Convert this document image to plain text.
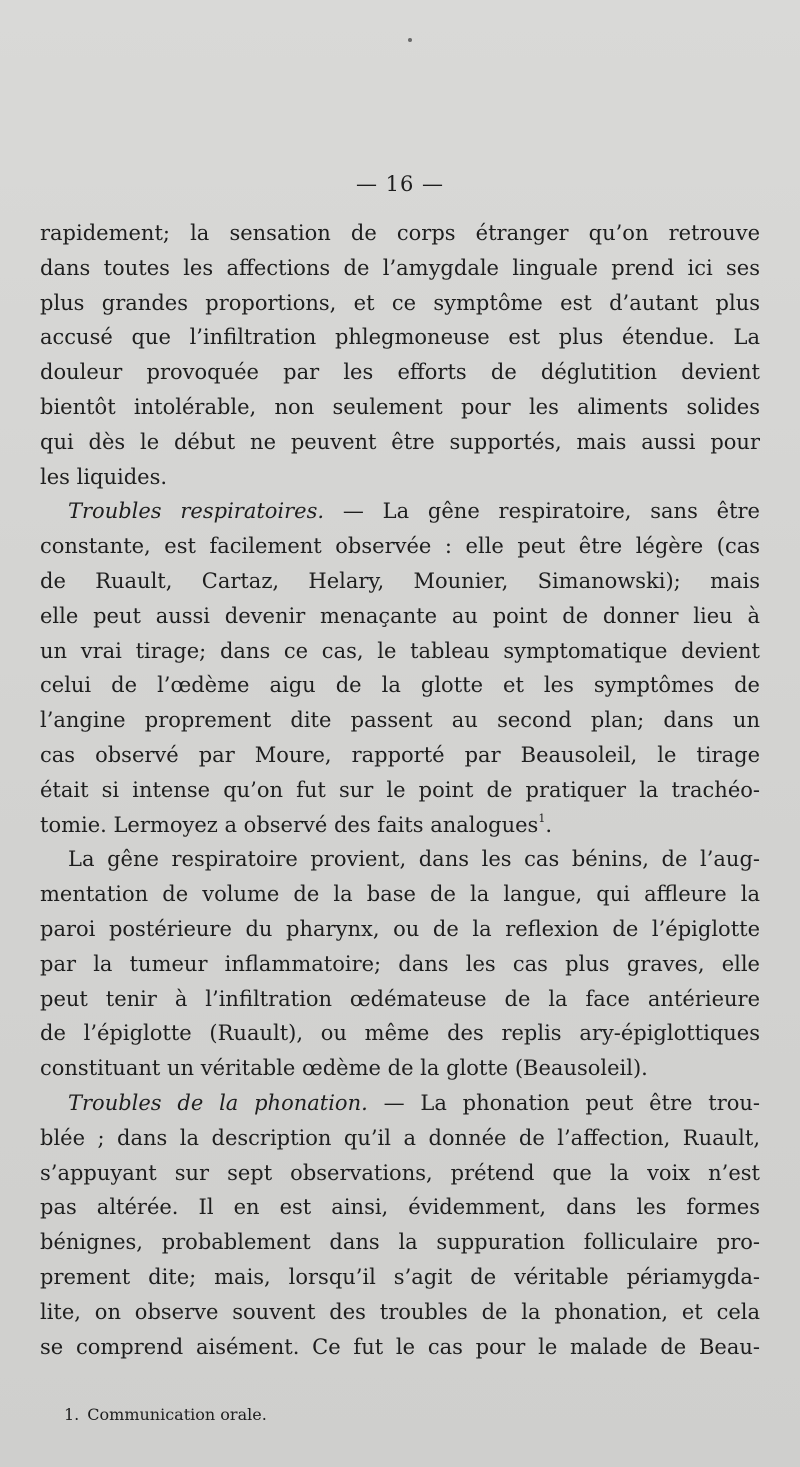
— 16 —
rapidement; la sensation de corps étranger qu’on retrouve
dans toutes les affections de l’amygdale linguale prend ici ses
plus grandes proportions, et ce symptôme est d’autant plus
accusé que l’infiltration phlegmoneuse est plus étendue. La
douleur provoquée par les efforts de déglutition devient
bientôt intolérable, non seulement pour les aliments solides
qui dès le début ne peuvent être supportés, mais aussi pour
les liquides.
Troubles respiratoires. — La gêne respiratoire, sans être
constante, est facilement observée : elle peut être légère (cas
de Ruault, Cartaz, Helary, Mounier, Simanowski); mais
elle peut aussi devenir menaçante au point de donner lieu à
un vrai tirage; dans ce cas, le tableau symptomatique devient
celui de l’œdème aigu de la glotte et les symptômes de
l’angine proprement dite passent au second plan; dans un
cas observé par Moure, rapporté par Beausoleil, le tirage
était si intense qu’on fut sur le point de pratiquer la trachéo-
tomie. Lermoyez a observé des faits analogues$^1$.
La gêne respiratoire provient, dans les cas bénins, de l’aug-
mentation de volume de la base de la langue, qui affleure la
paroi postérieure du pharynx, ou de la reflexion de l’épiglotte
par la tumeur inflammatoire; dans les cas plus graves, elle
peut tenir à l’infiltration œdémateuse de la face antérieure
de l’épiglotte (Ruault), ou même des replis ary-épiglottiques
constituant un véritable œdème de la glotte (Beausoleil).
Troubles de la phonation. — La phonation peut être trou-
blée ; dans la description qu’il a donnée de l’affection, Ruault,
s’appuyant sur sept observations, prétend que la voix n’est
pas altérée. Il en est ainsi, évidemment, dans les formes
bénignes, probablement dans la suppuration folliculaire pro-
prement dite; mais, lorsqu’il s’agit de véritable périamygda-
lite, on observe souvent des troubles de la phonation, et cela
se comprend aisément. Ce fut le cas pour le malade de Beau-
1. Communication orale.
